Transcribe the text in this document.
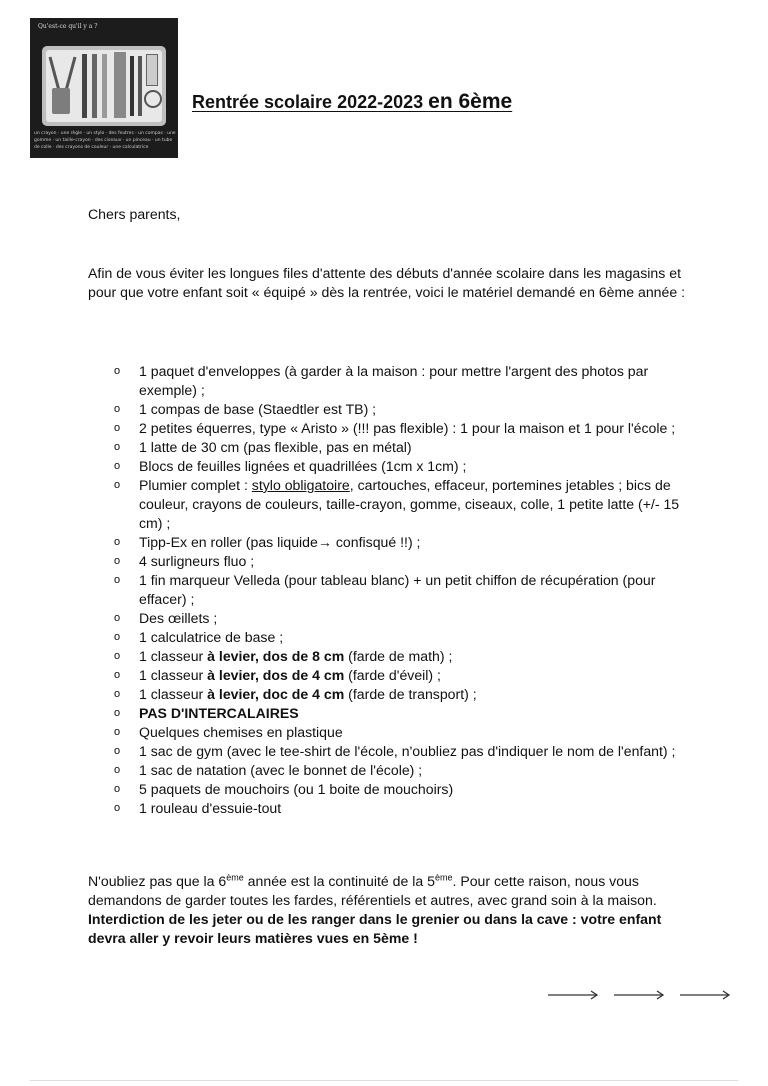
Qu'est-ce qu'il y a ?
un crayon · une règle · un stylo · des feutres · un compas · une gomme · un taille-crayon · des ciseaux · un pinceau · un tube de colle · des crayons de couleur · une calculatrice
Rentrée scolaire 2022-2023 en 6ème

Chers parents,

Afin de vous éviter les longues files d'attente des débuts d'année scolaire dans les magasins et pour que votre enfant soit « équipé » dès la rentrée, voici le matériel demandé en 6ème année :

o 1 paquet d'enveloppes (à garder à la maison : pour mettre l'argent des photos par exemple) ;
o 1 compas de base (Staedtler est TB) ;
o 2 petites équerres, type « Aristo » (!!! pas flexible) : 1 pour la maison et 1 pour l'école ;
o 1 latte de 30 cm (pas flexible, pas en métal)
o Blocs de feuilles lignées et quadrillées (1cm x 1cm) ;
o Plumier complet : stylo obligatoire, cartouches, effaceur, portemines jetables ; bics de couleur, crayons de couleurs, taille-crayon, gomme, ciseaux, colle, 1 petite latte (+/- 15 cm) ;
o Tipp-Ex en roller (pas liquide→ confisqué !!) ;
o 4 surligneurs fluo ;
o 1 fin marqueur Velleda (pour tableau blanc) + un petit chiffon de récupération (pour effacer) ;
o Des œillets ;
o 1 calculatrice de base ;
o 1 classeur à levier, dos de 8 cm (farde de math) ;
o 1 classeur à levier, dos de 4 cm (farde d'éveil) ;
o 1 classeur à levier, doc de 4 cm (farde de transport) ;
o PAS D'INTERCALAIRES
o Quelques chemises en plastique
o 1 sac de gym (avec le tee-shirt de l'école, n'oubliez pas d'indiquer le nom de l'enfant) ;
o 1 sac de natation (avec le bonnet de l'école) ;
o 5 paquets de mouchoirs (ou 1 boite de mouchoirs)
o 1 rouleau d'essuie-tout

N'oubliez pas que la 6ème année est la continuité de la 5ème. Pour cette raison, nous vous demandons de garder toutes les fardes, référentiels et autres, avec grand soin à la maison. Interdiction de les jeter ou de les ranger dans le grenier ou dans la cave : votre enfant devra aller y revoir leurs matières vues en 5ème !
